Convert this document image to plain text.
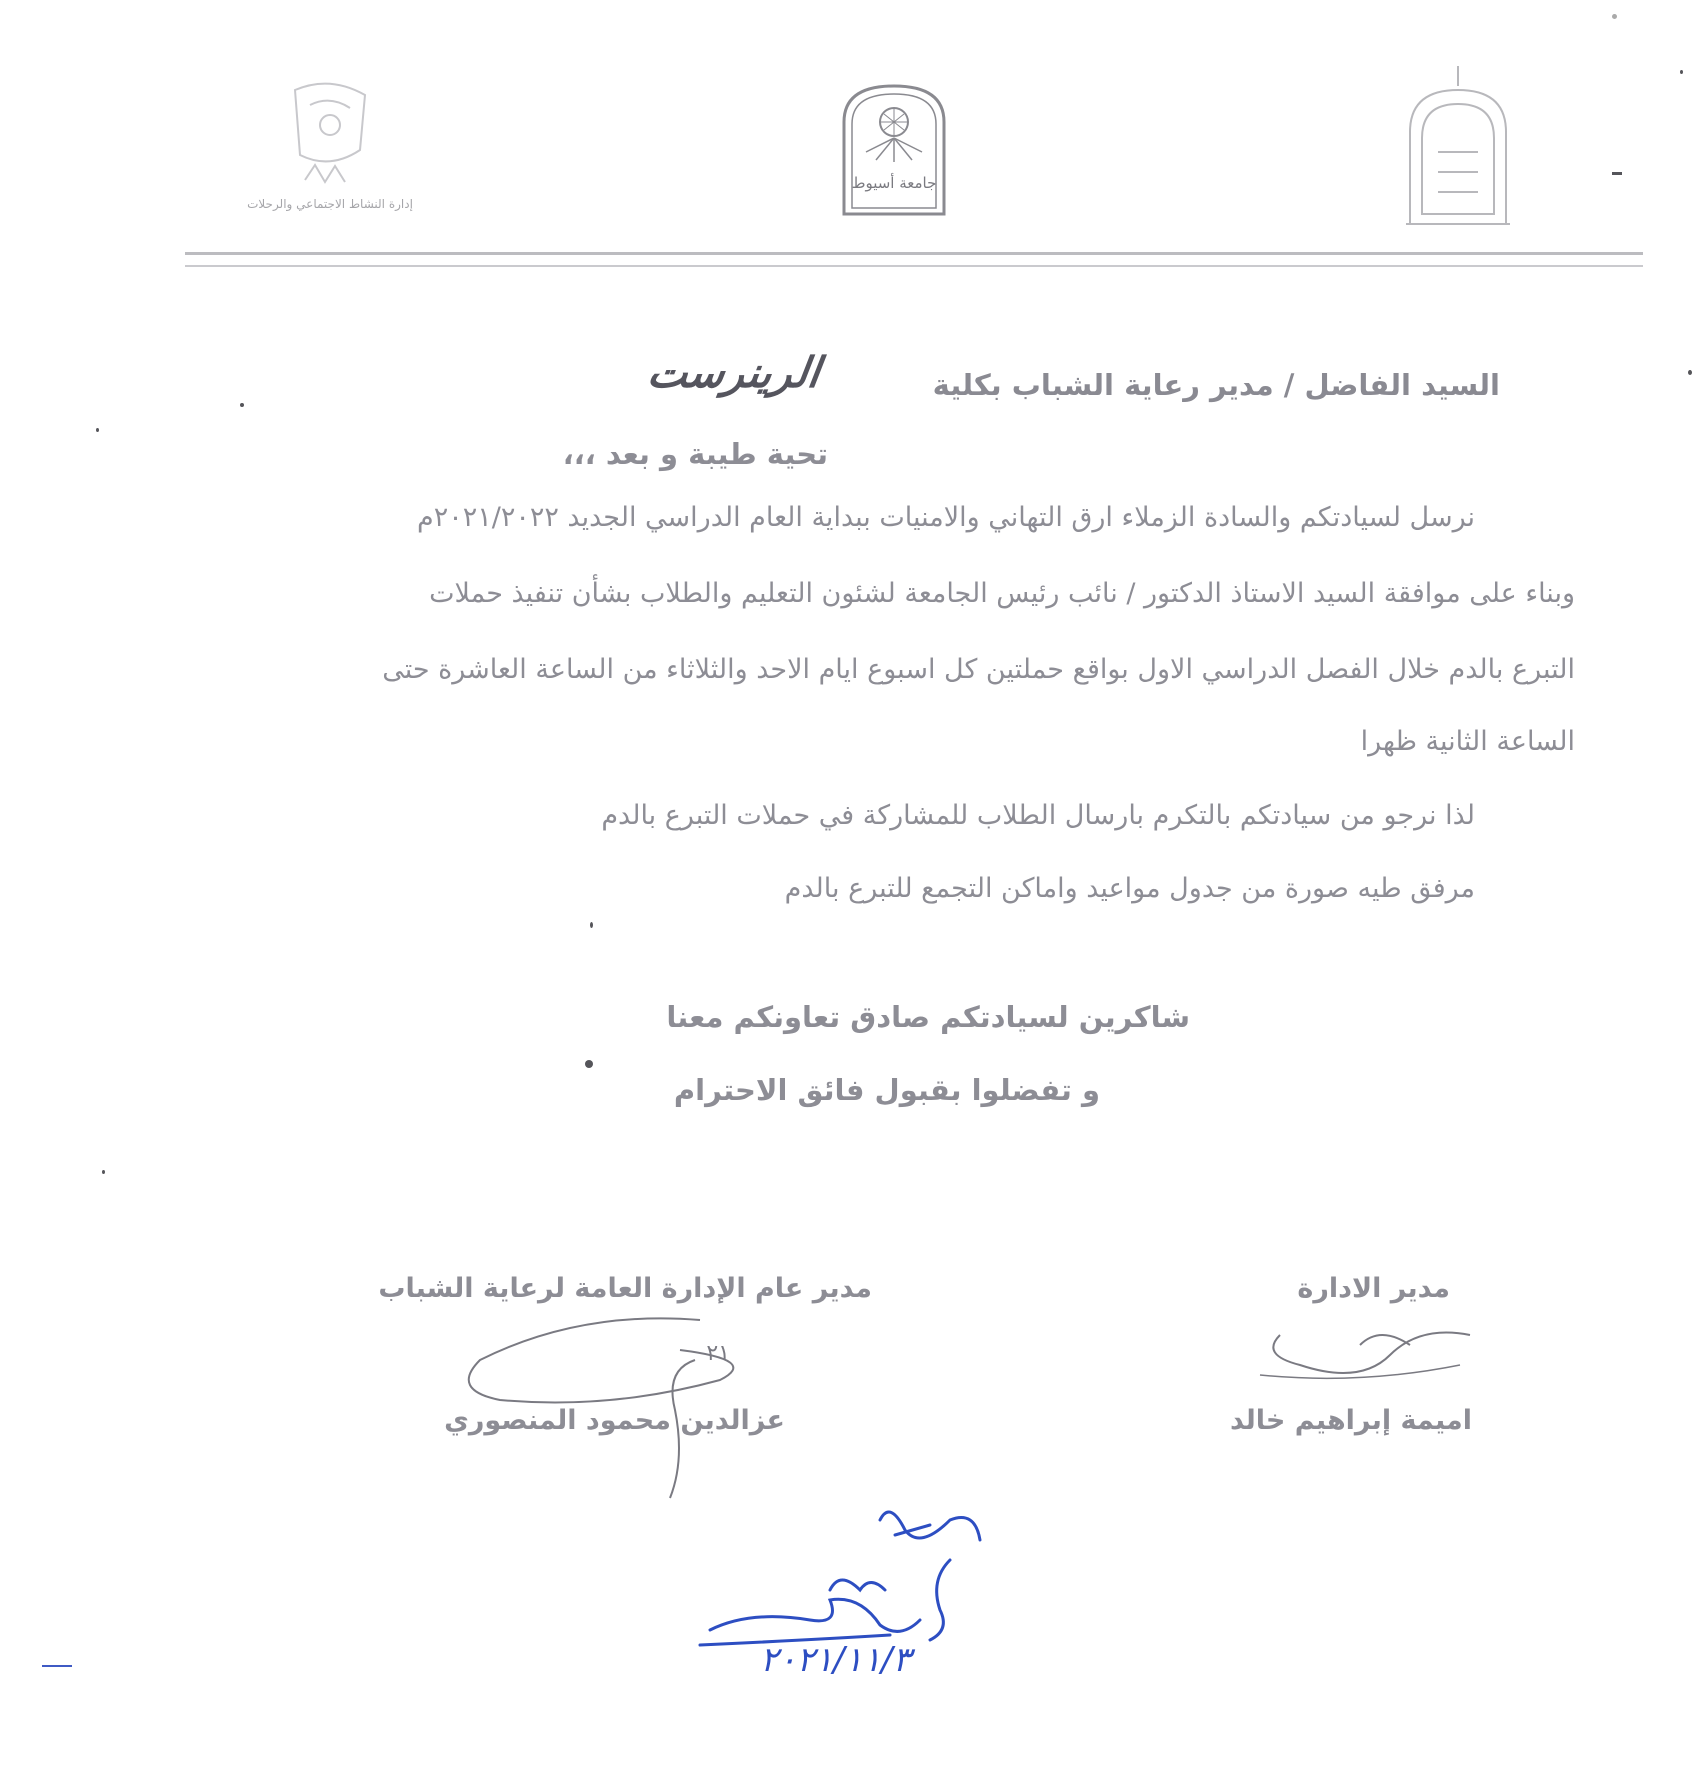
إدارة النشاط الاجتماعي والرحلات
جامعة أسيوط
السيد الفاضل / مدير رعاية الشباب بكلية
الرينرست
تحية طيبة و بعد ،،،
نرسل لسيادتكم والسادة الزملاء ارق التهاني والامنيات ببداية العام الدراسي الجديد ٢٠٢١/٢٠٢٢م
وبناء على موافقة السيد الاستاذ الدكتور / نائب رئيس الجامعة لشئون التعليم والطلاب بشأن تنفيذ حملات
التبرع بالدم خلال الفصل الدراسي الاول بواقع حملتين كل اسبوع ايام الاحد والثلاثاء من الساعة العاشرة حتى
الساعة الثانية ظهرا
لذا نرجو من سيادتكم بالتكرم بارسال الطلاب للمشاركة في حملات التبرع بالدم
مرفق طيه صورة من جدول مواعيد واماكن التجمع للتبرع بالدم
شاكرين لسيادتكم صادق تعاونكم معنا
و تفضلوا بقبول فائق الاحترام
مدير عام الإدارة العامة لرعاية الشباب
٢١
عزالدين محمود المنصوري
مدير الادارة
اميمة إبراهيم خالد
٢٠٢١/١١/٣
